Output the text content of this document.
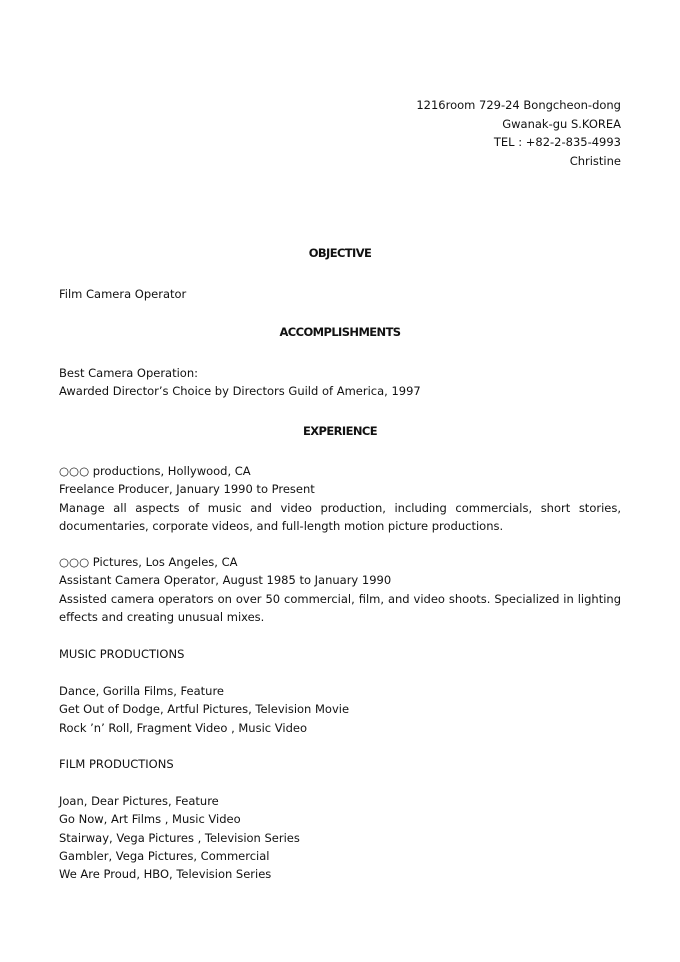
1216room 729-24 Bongcheon-dong
Gwanak-gu S.KOREA
TEL : +82-2-835-4993
Christine
OBJECTIVE
Film Camera Operator
ACCOMPLISHMENTS
Best Camera Operation:
Awarded Director’s Choice by Directors Guild of America, 1997
EXPERIENCE
○○○ productions, Hollywood, CA
Freelance Producer, January 1990 to Present
Manage all aspects of music and video production, including commercials, short stories, documentaries, corporate videos, and full-length motion picture productions.
○○○ Pictures, Los Angeles, CA
Assistant Camera Operator, August 1985 to January 1990
Assisted camera operators on over 50 commercial, film, and video shoots. Specialized in lighting effects and creating unusual mixes.
MUSIC PRODUCTIONS
Dance, Gorilla Films, Feature
Get Out of Dodge, Artful Pictures, Television Movie
Rock ’n’ Roll, Fragment Video , Music Video
FILM PRODUCTIONS
Joan, Dear Pictures, Feature
Go Now, Art Films , Music Video
Stairway, Vega Pictures , Television Series
Gambler, Vega Pictures, Commercial
We Are Proud, HBO, Television Series
